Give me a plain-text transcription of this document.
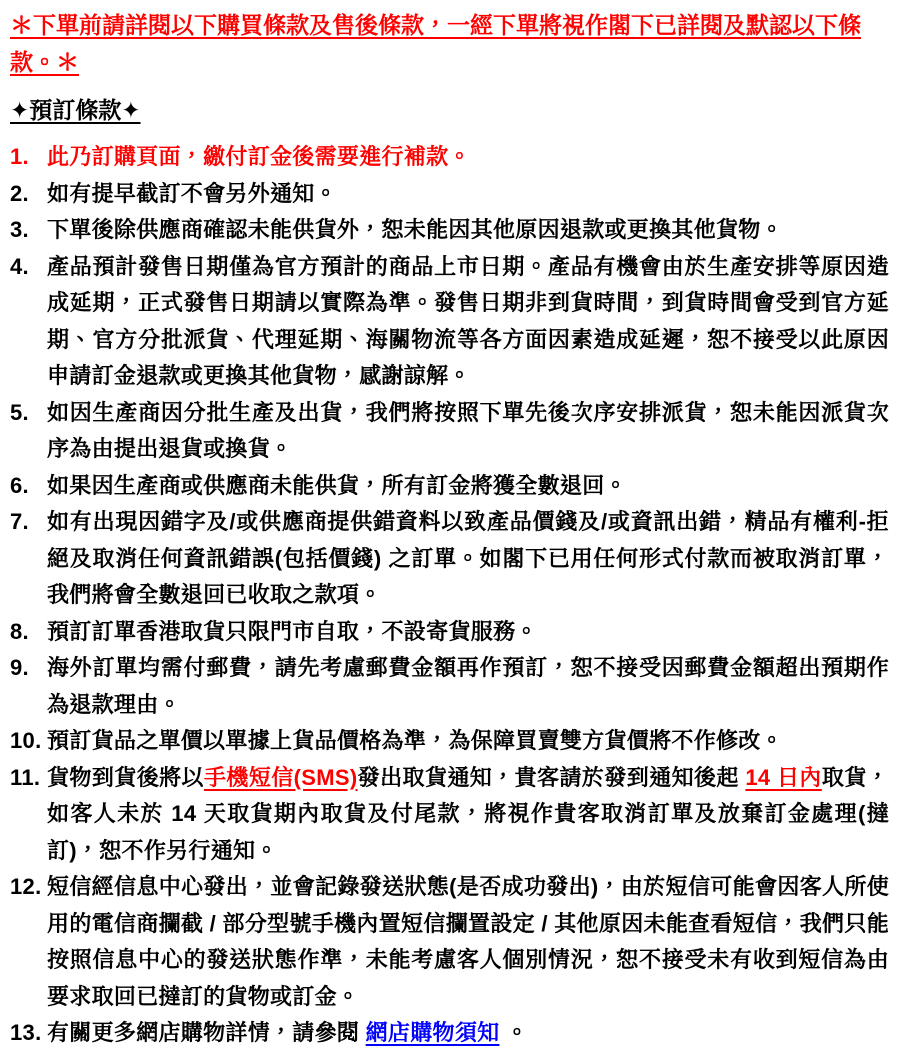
＊下單前請詳閱以下購買條款及售後條款，一經下單將視作閣下已詳閱及默認以下條款。＊
✦預訂條款✦
1. 此乃訂購頁面，繳付訂金後需要進行補款。
2. 如有提早截訂不會另外通知。
3. 下單後除供應商確認未能供貨外，恕未能因其他原因退款或更換其他貨物。
4. 產品預計發售日期僅為官方預計的商品上市日期。產品有機會由於生產安排等原因造成延期，正式發售日期請以實際為準。發售日期非到貨時間，到貨時間會受到官方延期、官方分批派貨、代理延期、海關物流等各方面因素造成延遲，恕不接受以此原因申請訂金退款或更換其他貨物，感謝諒解。
5. 如因生產商因分批生產及出貨，我們將按照下單先後次序安排派貨，恕未能因派貨次序為由提出退貨或換貨。
6. 如果因生產商或供應商未能供貨，所有訂金將獲全數退回。
7. 如有出現因錯字及/或供應商提供錯資料以致產品價錢及/或資訊出錯，精品有權利-拒絕及取消任何資訊錯誤(包括價錢) 之訂單。如閣下已用任何形式付款而被取消訂單，我們將會全數退回已收取之款項。
8. 預訂訂單香港取貨只限門市自取，不設寄貨服務。
9. 海外訂單均需付郵費，請先考慮郵費金額再作預訂，恕不接受因郵費金額超出預期作為退款理由。
10. 預訂貨品之單價以單據上貨品價格為準，為保障買賣雙方貨價將不作修改。
11. 貨物到貨後將以手機短信(SMS)發出取貨通知，貴客請於發到通知後起 14 日內取貨，如客人未於 14 天取貨期內取貨及付尾款，將視作貴客取消訂單及放棄訂金處理(撻訂)，恕不作另行通知。
12. 短信經信息中心發出，並會記錄發送狀態(是否成功發出)，由於短信可能會因客人所使用的電信商攔截 / 部分型號手機內置短信攔置設定 / 其他原因未能查看短信，我們只能按照信息中心的發送狀態作準，未能考慮客人個別情況，恕不接受未有收到短信為由要求取回已撻訂的貨物或訂金。
13. 有關更多網店購物詳情，請參閱 網店購物須知 。
